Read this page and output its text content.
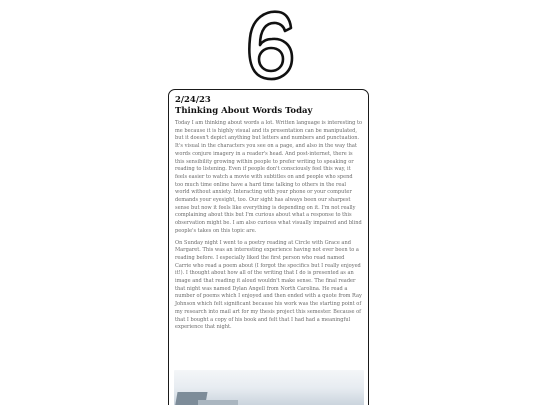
2/24/23
Thinking About Words Today

Today I am thinking about words a lot. Written language is interesting to me because it is highly visual and its presentation can be manipulated, but it doesn't depict anything but letters and numbers and punctuation. It's visual in the characters you see on a page, and also in the way that words conjure imagery in a reader's head. And post-internet, there is this sensibility growing within people to prefer writing to speaking or reading to listening. Even if people don't consciously feel this way, it feels easier to watch a movie with subtitles on and people who spend too much time online have a hard time talking to others in the real world without anxiety. Interacting with your phone or your computer demands your eyesight, too. Our sight has always been our sharpest sense but now it feels like everything is depending on it. I'm not really complaining about this but I'm curious about what a response to this observation might be. I am also curious what visually impaired and blind people's takes on this topic are.

On Sunday night I went to a poetry reading at Circle with Grace and Margaret. This was an interesting experience having not ever been to a reading before. I especially liked the first person who read named Carrie who read a poem about (I forgot the specifics but I really enjoyed it!). I thought about how all of the writing that I do is presented as an image and that reading it aloud wouldn't make sense. The final reader that night was named Dylan Angell from North Carolina. He read a number of poems which I enjoyed and then ended with a quote from Ray Johnson which felt significant because his work was the starting point of my research into mail art for my thesis project this semester. Because of that I bought a copy of his book and felt that I had had a meaningful experience that night.
